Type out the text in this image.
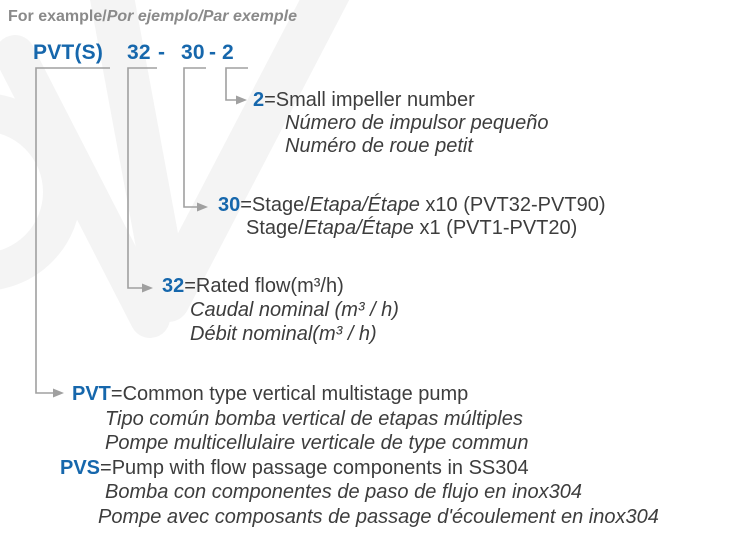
For example/Por ejemplo/Par exemple
PVT(S) 32 - 30 - 2
2=Small impeller number
Número de impulsor pequeño
Numéro de roue petit
30=Stage/Etapa/Étape x10 (PVT32-PVT90)
Stage/Etapa/Étape x1 (PVT1-PVT20)
32=Rated flow(m³/h)
Caudal nominal (m³ / h)
Débit nominal(m³ / h)
PVT=Common type vertical multistage pump
Tipo común bomba vertical de etapas múltiples
Pompe multicellulaire verticale de type commun
PVS=Pump with flow passage components in SS304
Bomba con componentes de paso de flujo en inox304
Pompe avec composants de passage d'écoulement en inox304
